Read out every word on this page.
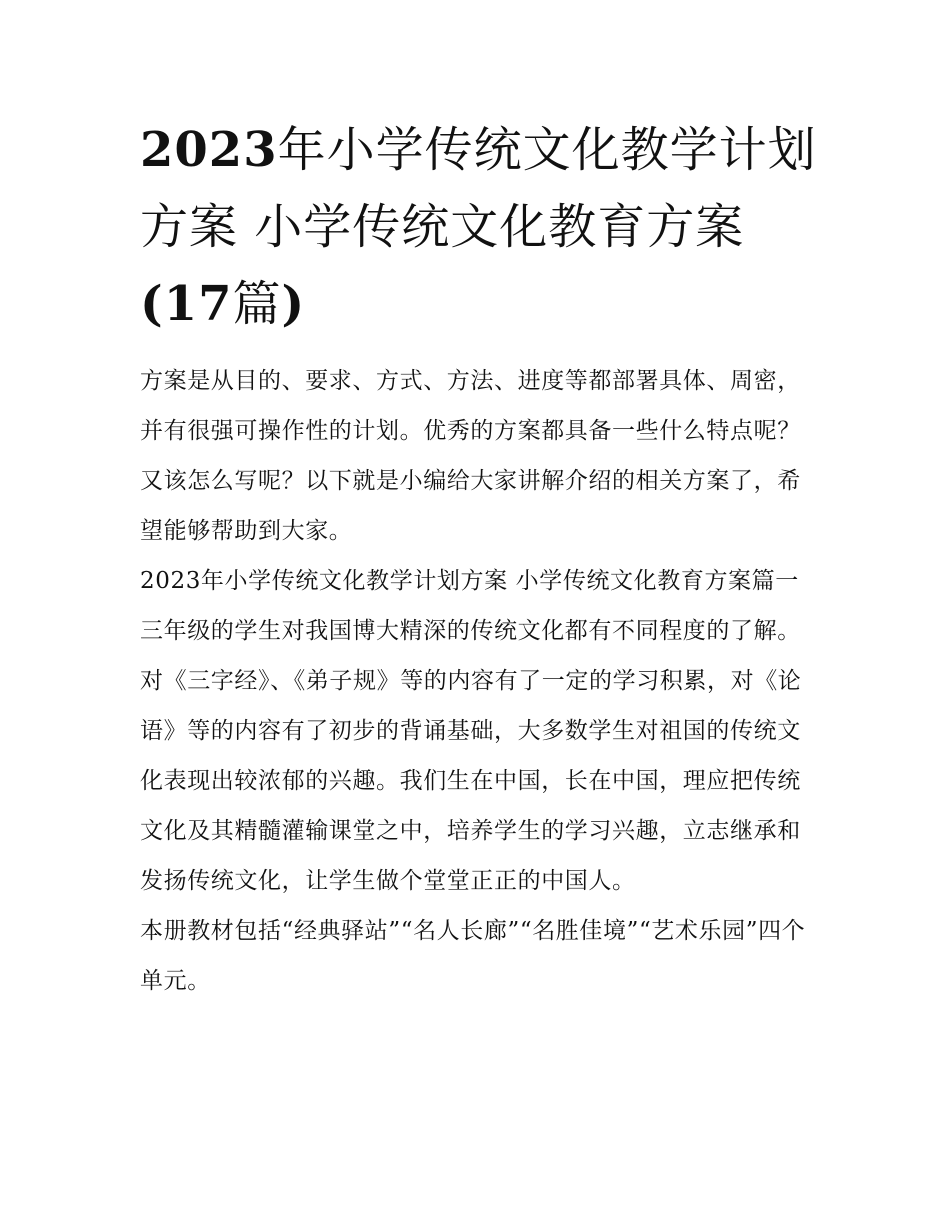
2023年小学传统文化教学计划
方案 小学传统文化教育方案
(17篇)

方案是从目的、要求、方式、方法、进度等都部署具体、周密，并有很强可操作性的计划。优秀的方案都具备一些什么特点呢？又该怎么写呢？以下就是小编给大家讲解介绍的相关方案了，希望能够帮助到大家。

2023年小学传统文化教学计划方案 小学传统文化教育方案篇一

三年级的学生对我国博大精深的传统文化都有不同程度的了解。对《三字经》、《弟子规》等的内容有了一定的学习积累，对《论语》等的内容有了初步的背诵基础，大多数学生对祖国的传统文化表现出较浓郁的兴趣。我们生在中国，长在中国，理应把传统文化及其精髓灌输课堂之中，培养学生的学习兴趣，立志继承和发扬传统文化，让学生做个堂堂正正的中国人。

本册教材包括“经典驿站”“名人长廊”“名胜佳境”“艺术乐园”四个单元。
